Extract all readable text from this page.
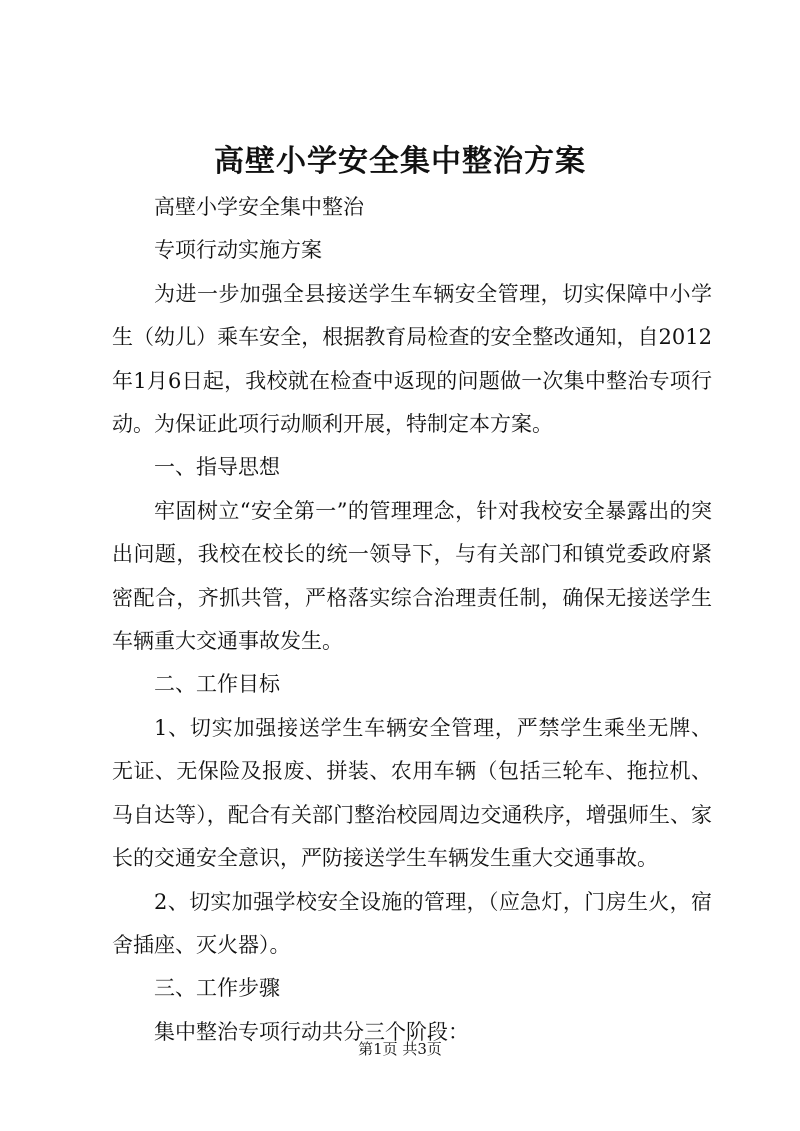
高壁小学安全集中整治方案

高壁小学安全集中整治

专项行动实施方案

为进一步加强全县接送学生车辆安全管理，切实保障中小学生（幼儿）乘车安全，根据教育局检查的安全整改通知，自2012年1月6日起，我校就在检查中返现的问题做一次集中整治专项行动。为保证此项行动顺利开展，特制定本方案。

一、指导思想

牢固树立“安全第一”的管理理念，针对我校安全暴露出的突出问题，我校在校长的统一领导下，与有关部门和镇党委政府紧密配合，齐抓共管，严格落实综合治理责任制，确保无接送学生车辆重大交通事故发生。

二、工作目标

1、切实加强接送学生车辆安全管理，严禁学生乘坐无牌、无证、无保险及报废、拼装、农用车辆（包括三轮车、拖拉机、马自达等），配合有关部门整治校园周边交通秩序，增强师生、家长的交通安全意识，严防接送学生车辆发生重大交通事故。

2、切实加强学校安全设施的管理，（应急灯，门房生火，宿舍插座、灭火器）。

三、工作步骤

集中整治专项行动共分三个阶段：

第1页 共3页
